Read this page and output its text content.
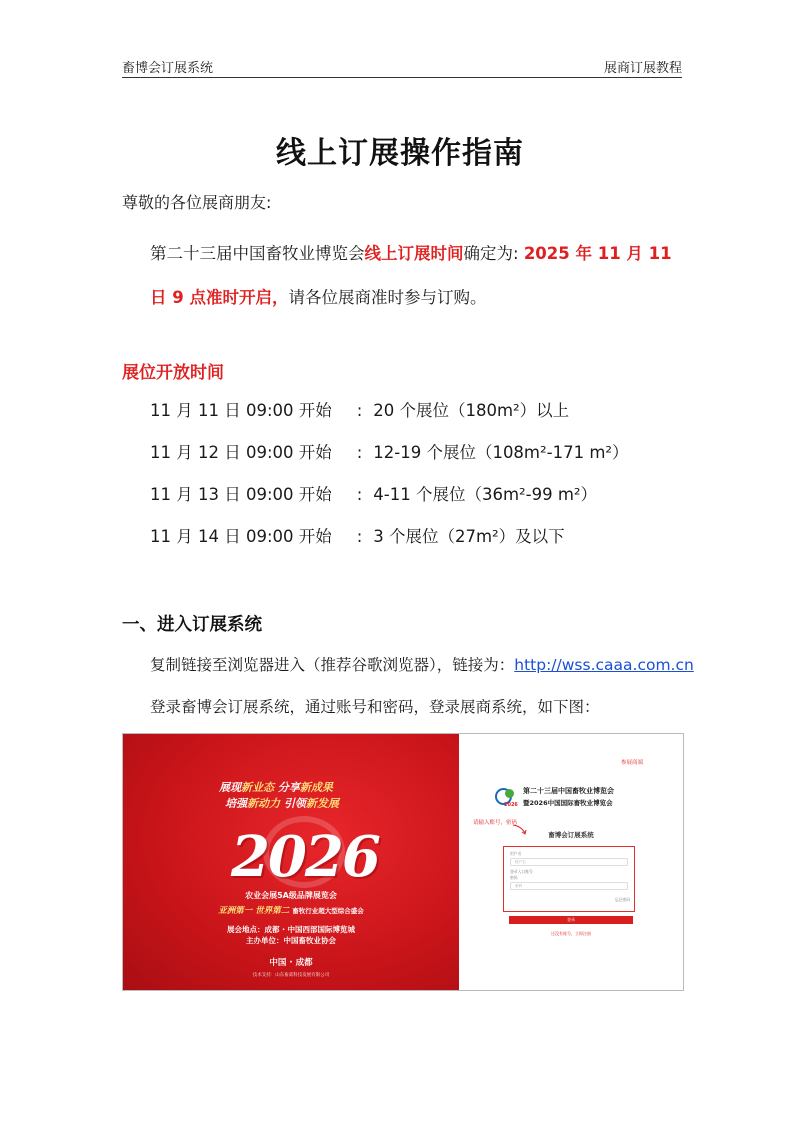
畜博会订展系统	展商订展教程
线上订展操作指南
尊敬的各位展商朋友:
第二十三届中国畜牧业博览会线上订展时间确定为: 2025 年 11 月 11 日 9 点准时开启，请各位展商准时参与订购。
展位开放时间
11 月 11 日 09:00 开始 : 20 个展位（180m²）以上
11 月 12 日 09:00 开始 : 12-19 个展位（108m²-171 m²）
11 月 13 日 09:00 开始 : 4-11 个展位（36m²-99 m²）
11 月 14 日 09:00 开始 : 3 个展位（27m²）及以下
一、进入订展系统
复制链接至浏览器进入（推荐谷歌浏览器），链接为：http://wss.caaa.com.cn
登录畜博会订展系统，通过账号和密码，登录展商系统，如下图：
展现新业态 分享新成果
培强新动力 引领新发展
2026
农业会展5A级品牌展览会
亚洲第一 世界第二 畜牧行业超大型综合盛会
展会地点：成都 · 中国西部国际博览城
主办单位：中国畜牧业协会
中国 · 成都
技术支持：山东畜禽科技发展有限公司
参展商端
2026
第二十三届中国畜牧业博览会
暨2026中国国际畜牧业博览会
请输入账号，密码
畜博会订展系统
用户名
账户名
登录入口账号
密码
密码
忘记密码
登录
还没有账号，立即注册
